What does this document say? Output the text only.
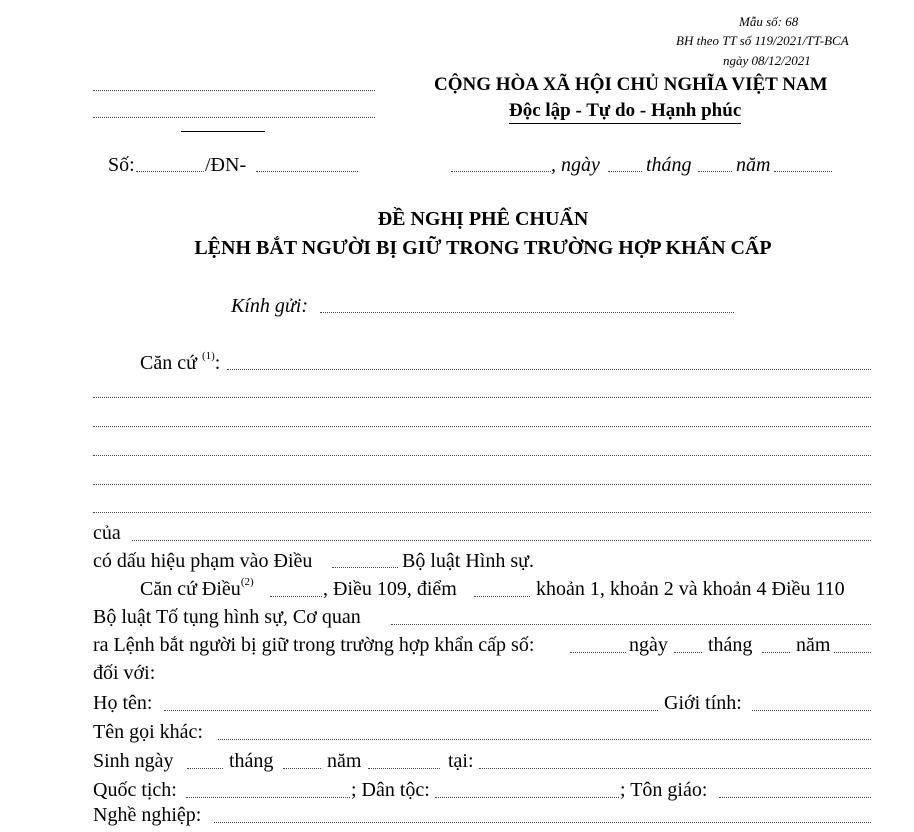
Mẫu số: 68
BH theo TT số 119/2021/TT-BCA
ngày 08/12/2021
CỘNG HÒA XÃ HỘI CHỦ NGHĨA VIỆT NAM
Độc lập - Tự do - Hạnh phúc
Số:	/ĐN-	, ngày tháng năm
ĐỀ NGHỊ PHÊ CHUẨN
LỆNH BẮT NGƯỜI BỊ GIỮ TRONG TRƯỜNG HỢP KHẨN CẤP
Kính gửi:
Căn cứ $^{(1)}$:
của
có dấu hiệu phạm vào Điều	Bộ luật Hình sự.
Căn cứ Điều$^{(2)}$	, Điều 109, điểm	khoản 1, khoản 2 và khoản 4 Điều 110
Bộ luật Tố tụng hình sự, Cơ quan
ra Lệnh bắt người bị giữ trong trường hợp khẩn cấp số:	ngày tháng năm
đối với:
Họ tên:	Giới tính:
Tên gọi khác:
Sinh ngày	tháng	năm	tại:
Quốc tịch:	; Dân tộc:	; Tôn giáo:
Nghề nghiệp:
